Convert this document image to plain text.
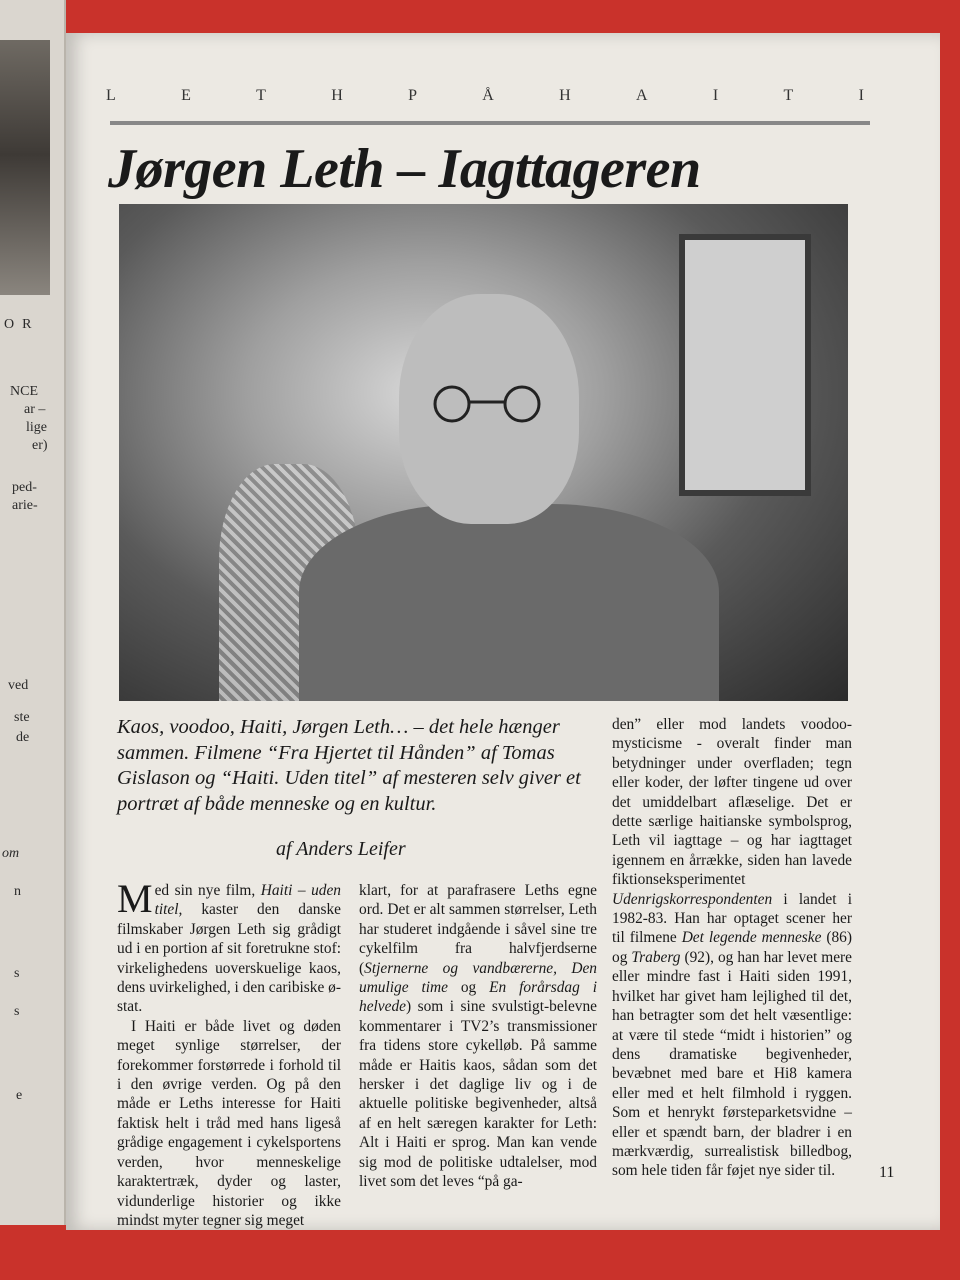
OR
NCE
ar –
lige
er)
ped-
arie-
ved
ste
de
om
n
s
s
e
L	E	T	H	P	Å	H	A	I	T	I
Jørgen Leth – Iagttageren

Kaos, voodoo, Haiti, Jørgen Leth… – det hele hænger sammen. Filmene “Fra Hjertet til Hånden” af Tomas Gislason og “Haiti. Uden titel” af mesteren selv giver et portræt af både menneske og en kultur.

af Anders Leifer

Med sin nye film, Haiti – uden titel, kaster den danske filmskaber Jørgen Leth sig grådigt ud i en portion af sit foretrukne stof: virkelighedens uoverskuelige kaos, dens uvirkelighed, i den caribiske ø-stat.

I Haiti er både livet og døden meget synlige størrelser, der forekommer forstørrede i forhold til i den øvrige verden. Og på den måde er Leths interesse for Haiti faktisk helt i tråd med hans ligeså grådige engagement i cykelsportens verden, hvor menneskelige karaktertræk, dyder og laster, vidunderlige historier og ikke mindst myter tegner sig meget

klart, for at parafrasere Leths egne ord. Det er alt sammen størrelser, Leth har studeret indgående i såvel sine tre cykelfilm fra halvfjerdserne (Stjernerne og vandbærerne, Den umulige time og En forårsdag i helvede) som i sine svulstigt-belevne kommentarer i TV2’s transmissioner fra tidens store cykelløb. På samme måde er Haitis kaos, sådan som det hersker i det daglige liv og i de aktuelle politiske begivenheder, altså af en helt særegen karakter for Leth: Alt i Haiti er sprog. Man kan vende sig mod de politiske udtalelser, mod livet som det leves “på ga-

den” eller mod landets voodoo-mysticisme - overalt finder man betydninger under overfladen; tegn eller koder, der løfter tingene ud over det umiddelbart aflæselige. Det er dette særlige haitianske symbolsprog, Leth vil iagttage – og har iagttaget igennem en årrække, siden han lavede fiktionseksperimentet Udenrigskorrespondenten i landet i 1982-83. Han har optaget scener her til filmene Det legende menneske (86) og Traberg (92), og han har levet mere eller mindre fast i Haiti siden 1991, hvilket har givet ham lejlighed til det, han betragter som det helt væsentlige: at være til stede “midt i historien” og dens dramatiske begivenheder, bevæbnet med bare et Hi8 kamera eller med et helt filmhold i ryggen. Som et henrykt førsteparketsvidne – eller et spændt barn, der bladrer i en mærkværdig, surrealistisk billedbog, som hele tiden får føjet nye sider til.	11
